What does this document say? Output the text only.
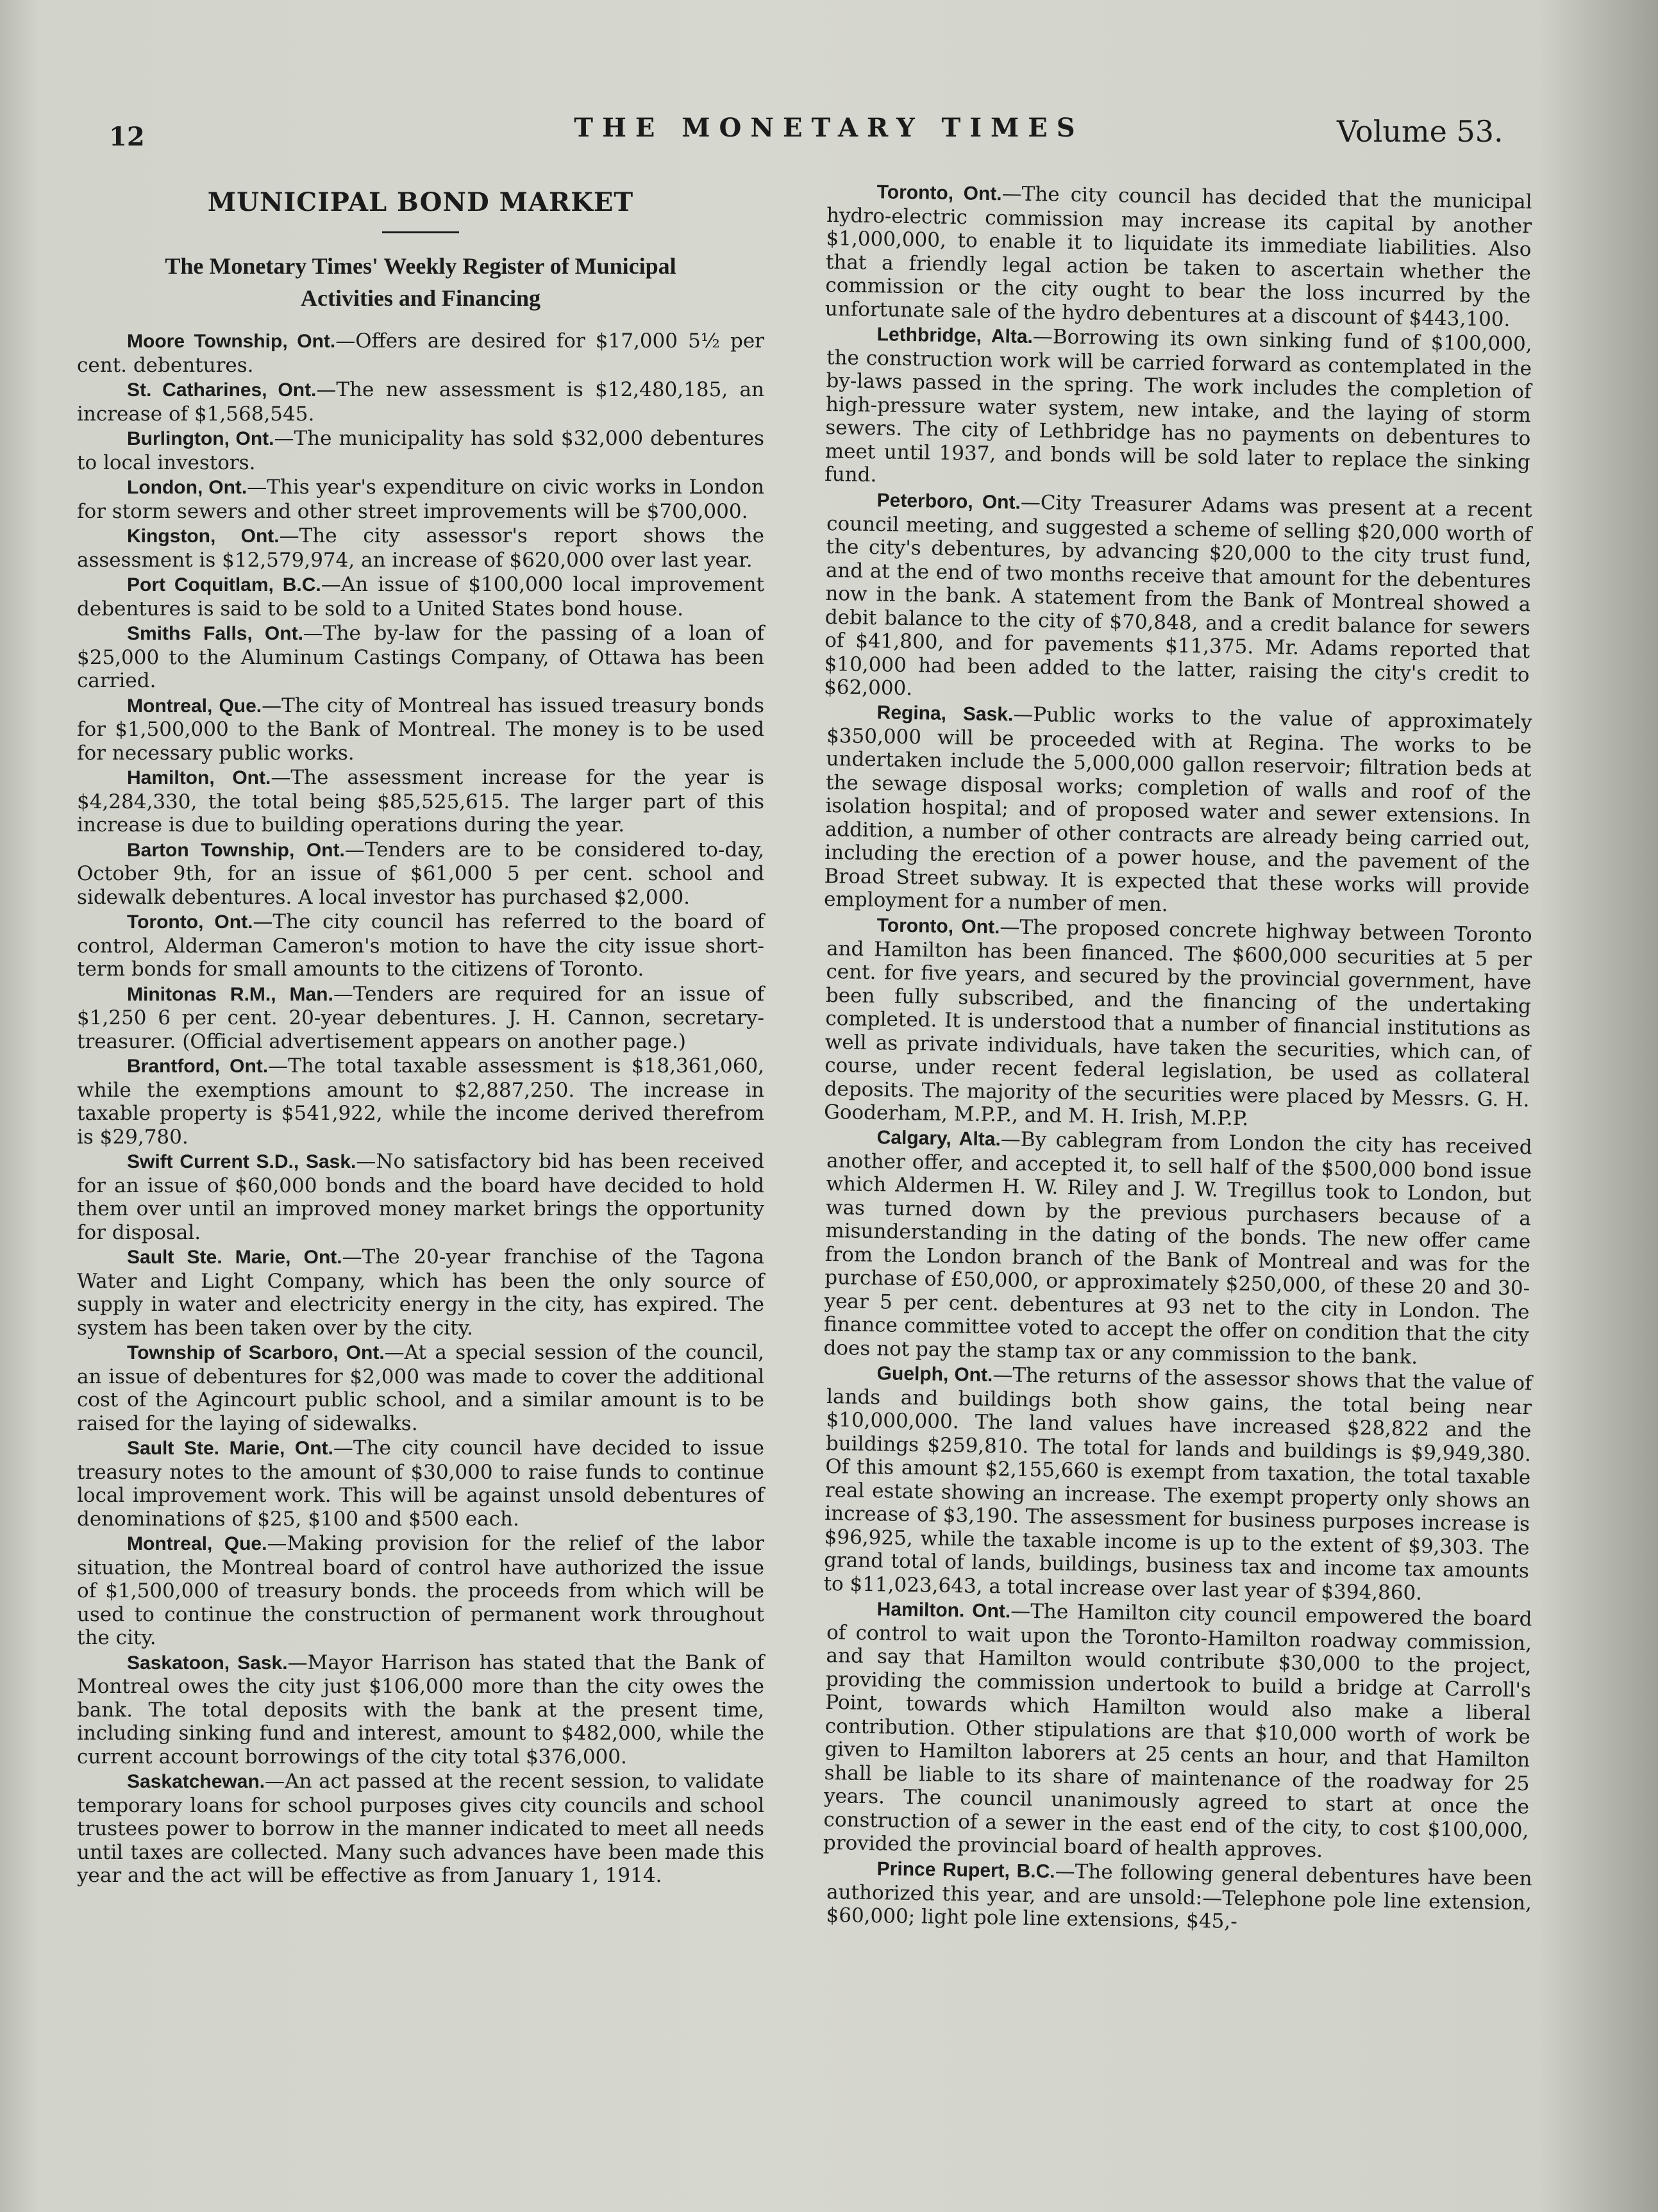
12	THE MONETARY TIMES	Volume 53.
MUNICIPAL BOND MARKET
The Monetary Times' Weekly Register of Municipal
Activities and Financing

Moore Township, Ont.—Offers are desired for $17,000 5½ per cent. debentures.

St. Catharines, Ont.—The new assessment is $12,480,185, an increase of $1,568,545.

Burlington, Ont.—The municipality has sold $32,000 debentures to local investors.

London, Ont.—This year's expenditure on civic works in London for storm sewers and other street improvements will be $700,000.

Kingston, Ont.—The city assessor's report shows the assessment is $12,579,974, an increase of $620,000 over last year.

Port Coquitlam, B.C.—An issue of $100,000 local improvement debentures is said to be sold to a United States bond house.

Smiths Falls, Ont.—The by-law for the passing of a loan of $25,000 to the Aluminum Castings Company, of Ottawa has been carried.

Montreal, Que.—The city of Montreal has issued treasury bonds for $1,500,000 to the Bank of Montreal. The money is to be used for necessary public works.

Hamilton, Ont.—The assessment increase for the year is $4,284,330, the total being $85,525,615. The larger part of this increase is due to building operations during the year.

Barton Township, Ont.—Tenders are to be considered to-day, October 9th, for an issue of $61,000 5 per cent. school and sidewalk debentures. A local investor has purchased $2,000.

Toronto, Ont.—The city council has referred to the board of control, Alderman Cameron's motion to have the city issue short-term bonds for small amounts to the citizens of Toronto.

Minitonas R.M., Man.—Tenders are required for an issue of $1,250 6 per cent. 20-year debentures. J. H. Cannon, secretary-treasurer. (Official advertisement appears on another page.)

Brantford, Ont.—The total taxable assessment is $18,361,060, while the exemptions amount to $2,887,250. The increase in taxable property is $541,922, while the income derived therefrom is $29,780.

Swift Current S.D., Sask.—No satisfactory bid has been received for an issue of $60,000 bonds and the board have decided to hold them over until an improved money market brings the opportunity for disposal.

Sault Ste. Marie, Ont.—The 20-year franchise of the Tagona Water and Light Company, which has been the only source of supply in water and electricity energy in the city, has expired. The system has been taken over by the city.

Township of Scarboro, Ont.—At a special session of the council, an issue of debentures for $2,000 was made to cover the additional cost of the Agincourt public school, and a similar amount is to be raised for the laying of sidewalks.

Sault Ste. Marie, Ont.—The city council have decided to issue treasury notes to the amount of $30,000 to raise funds to continue local improvement work. This will be against unsold debentures of denominations of $25, $100 and $500 each.

Montreal, Que.—Making provision for the relief of the labor situation, the Montreal board of control have authorized the issue of $1,500,000 of treasury bonds. the proceeds from which will be used to continue the construction of permanent work throughout the city.

Saskatoon, Sask.—Mayor Harrison has stated that the Bank of Montreal owes the city just $106,000 more than the city owes the bank. The total deposits with the bank at the present time, including sinking fund and interest, amount to $482,000, while the current account borrowings of the city total $376,000.

Saskatchewan.—An act passed at the recent session, to validate temporary loans for school purposes gives city councils and school trustees power to borrow in the manner indicated to meet all needs until taxes are collected. Many such advances have been made this year and the act will be effective as from January 1, 1914.

Toronto, Ont.—The city council has decided that the municipal hydro-electric commission may increase its capital by another $1,000,000, to enable it to liquidate its immediate liabilities. Also that a friendly legal action be taken to ascertain whether the commission or the city ought to bear the loss incurred by the unfortunate sale of the hydro debentures at a discount of $443,100.

Lethbridge, Alta.—Borrowing its own sinking fund of $100,000, the construction work will be carried forward as contemplated in the by-laws passed in the spring. The work includes the completion of high-pressure water system, new intake, and the laying of storm sewers. The city of Lethbridge has no payments on debentures to meet until 1937, and bonds will be sold later to replace the sinking fund.

Peterboro, Ont.—City Treasurer Adams was present at a recent council meeting, and suggested a scheme of selling $20,000 worth of the city's debentures, by advancing $20,000 to the city trust fund, and at the end of two months receive that amount for the debentures now in the bank. A statement from the Bank of Montreal showed a debit balance to the city of $70,848, and a credit balance for sewers of $41,800, and for pavements $11,375. Mr. Adams reported that $10,000 had been added to the latter, raising the city's credit to $62,000.

Regina, Sask.—Public works to the value of approximately $350,000 will be proceeded with at Regina. The works to be undertaken include the 5,000,000 gallon reservoir; filtration beds at the sewage disposal works; completion of walls and roof of the isolation hospital; and of proposed water and sewer extensions. In addition, a number of other contracts are already being carried out, including the erection of a power house, and the pavement of the Broad Street subway. It is expected that these works will provide employment for a number of men.

Toronto, Ont.—The proposed concrete highway between Toronto and Hamilton has been financed. The $600,000 securities at 5 per cent. for five years, and secured by the provincial government, have been fully subscribed, and the financing of the undertaking completed. It is understood that a number of financial institutions as well as private individuals, have taken the securities, which can, of course, under recent federal legislation, be used as collateral deposits. The majority of the securities were placed by Messrs. G. H. Gooderham, M.P.P., and M. H. Irish, M.P.P.

Calgary, Alta.—By cablegram from London the city has received another offer, and accepted it, to sell half of the $500,000 bond issue which Aldermen H. W. Riley and J. W. Tregillus took to London, but was turned down by the previous purchasers because of a misunderstanding in the dating of the bonds. The new offer came from the London branch of the Bank of Montreal and was for the purchase of £50,000, or approximately $250,000, of these 20 and 30-year 5 per cent. debentures at 93 net to the city in London. The finance committee voted to accept the offer on condition that the city does not pay the stamp tax or any commission to the bank.

Guelph, Ont.—The returns of the assessor shows that the value of lands and buildings both show gains, the total being near $10,000,000. The land values have increased $28,822 and the buildings $259,810. The total for lands and buildings is $9,949,380. Of this amount $2,155,660 is exempt from taxation, the total taxable real estate showing an increase. The exempt property only shows an increase of $3,190. The assessment for business purposes increase is $96,925, while the taxable income is up to the extent of $9,303. The grand total of lands, buildings, business tax and income tax amounts to $11,023,643, a total increase over last year of $394,860.

Hamilton. Ont.—The Hamilton city council empowered the board of control to wait upon the Toronto-Hamilton roadway commission, and say that Hamilton would contribute $30,000 to the project, providing the commission undertook to build a bridge at Carroll's Point, towards which Hamilton would also make a liberal contribution. Other stipulations are that $10,000 worth of work be given to Hamilton laborers at 25 cents an hour, and that Hamilton shall be liable to its share of maintenance of the roadway for 25 years. The council unanimously agreed to start at once the construction of a sewer in the east end of the city, to cost $100,000, provided the provincial board of health approves.

Prince Rupert, B.C.—The following general debentures have been authorized this year, and are unsold:—Telephone pole line extension, $60,000; light pole line extensions, $45,-
